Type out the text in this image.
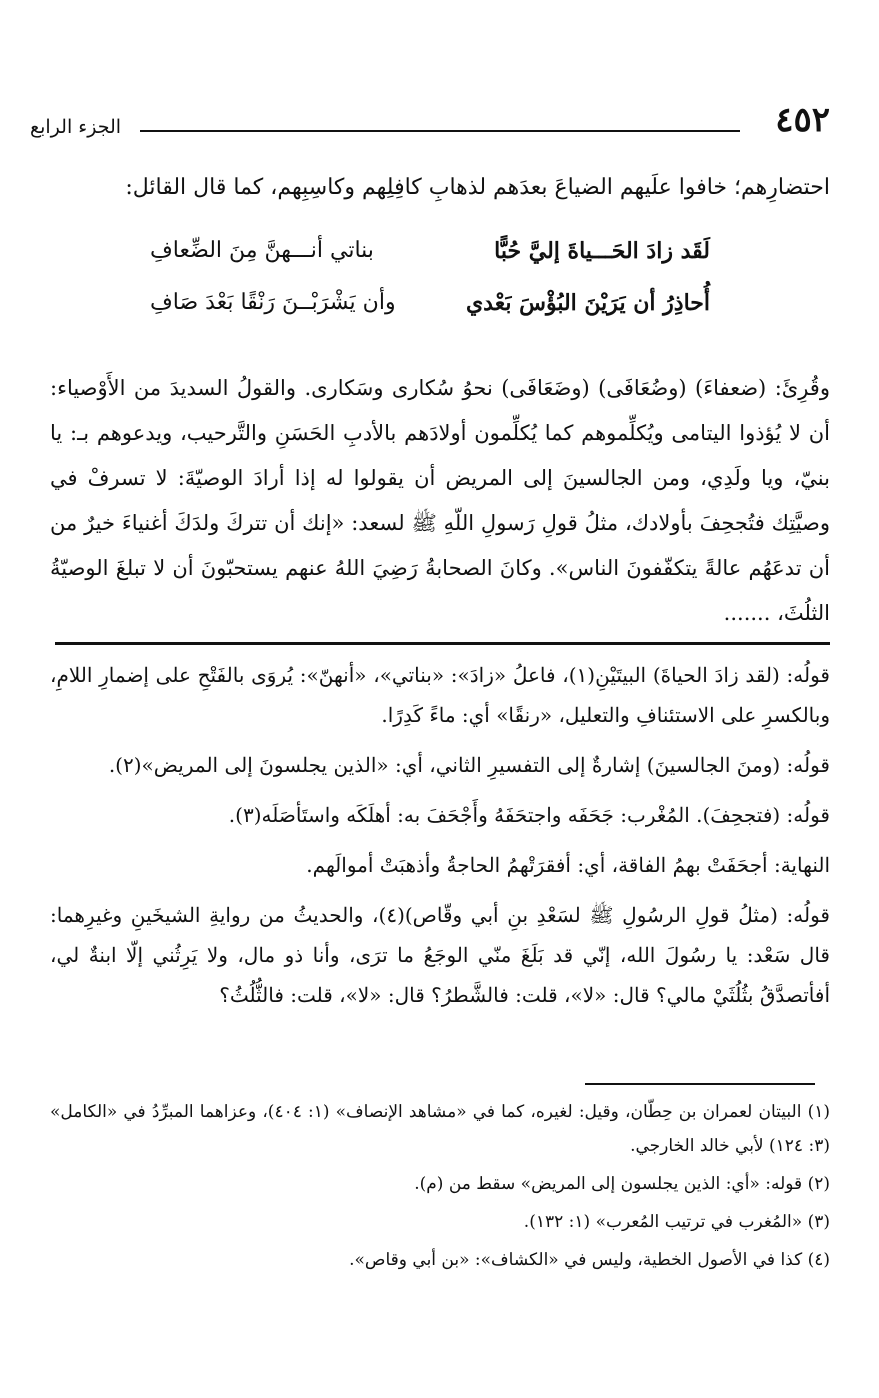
٤٥٢
الجزء الرابع

احتضارِهم؛ خافوا علَيهم الضياعَ بعدَهم لذهابِ كافِلِهم وكاسِبِهم، كما قال القائل:

لَقَد زادَ الحَـــياةَ إليَّ حُبًّا
بناتي أنـــهنَّ مِنَ الضِّعافِ
أُحاذِرُ أن يَرَيْنَ البُؤْسَ بَعْدي
وأن يَشْرَبْــنَ رَنْقًا بَعْدَ صَافِ

وقُرِئَ: (ضعفاءَ) (وضُعَافَى) (وضَعَافَى) نحوُ سُكارى وسَكارى. والقولُ السديدَ من الأَوْصياء: أن لا يُؤذوا اليتامى ويُكلِّموهم كما يُكلِّمون أولادَهم بالأدبِ الحَسَنِ والتَّرحيب، ويدعوهم بـ: يا بنيّ، ويا ولَدِي، ومن الجالسينَ إلى المريض أن يقولوا له إذا أرادَ الوصيّةَ: لا تسرفْ في وصيَّتِك فتُجحِفَ بأولادك، مثلُ قولِ رَسولِ اللّهِ ﷺ لسعد: «إنك أن تتركَ ولدَكَ أغنياءَ خيرٌ من أن تدعَهُم عالةً يتكفّفونَ الناس». وكانَ الصحابةُ رَضِيَ اللهُ عنهم يستحبّونَ أن لا تبلغَ الوصيّةُ الثلُثَ، .......

قولُه: (لقد زادَ الحياةَ) البيتَيْنِ(١)، فاعلُ «زادَ»: «بناتي»، «أنهنّ»: يُروَى بالفَتْحِ على إضمارِ اللامِ، وبالكسرِ على الاستئنافِ والتعليل، «رنقًا» أي: ماءً كَدِرًا.

قولُه: (ومنَ الجالسينَ) إشارةٌ إلى التفسيرِ الثاني، أي: «الذين يجلسونَ إلى المريض»(٢).

قولُه: (فتجحِفَ). المُغْرب: جَحَفَه واجتحَفَهُ وأَجْحَفَ به: أهلَكَه واستَأصَلَه(٣).

النهاية: أجحَفَتْ بهمُ الفاقة، أي: أفقرَتْهمُ الحاجةُ وأذهبَتْ أموالَهم.

قولُه: (مثلُ قولِ الرسُولِ ﷺ لسَعْدِ بنِ أبي وقّاص)(٤)، والحديثُ من روايةِ الشيخَينِ وغيرِهما: قال سَعْد: يا رسُولَ الله، إنّي قد بَلَغَ منّي الوجَعُ ما ترَى، وأنا ذو مال، ولا يَرِثُني إلّا ابنةٌ لي، أفأتصدَّقُ بثُلُثَيْ مالي؟ قال: «لا»، قلت: فالشَّطرُ؟ قال: «لا»، قلت: فالثُّلُثُ؟

(١) البيتان لعمران بن حِطّان، وقيل: لغيره، كما في «مشاهد الإنصاف» (١: ٤٠٤)، وعزاهما المبرِّدُ في «الكامل» (٣: ١٢٤) لأبي خالد الخارجي.

(٢) قوله: «أي: الذين يجلسون إلى المريض» سقط من (م).

(٣) «المُغرب في ترتيب المُعرب» (١: ١٣٢).

(٤) كذا في الأصول الخطية، وليس في «الكشاف»: «بن أبي وقاص».
